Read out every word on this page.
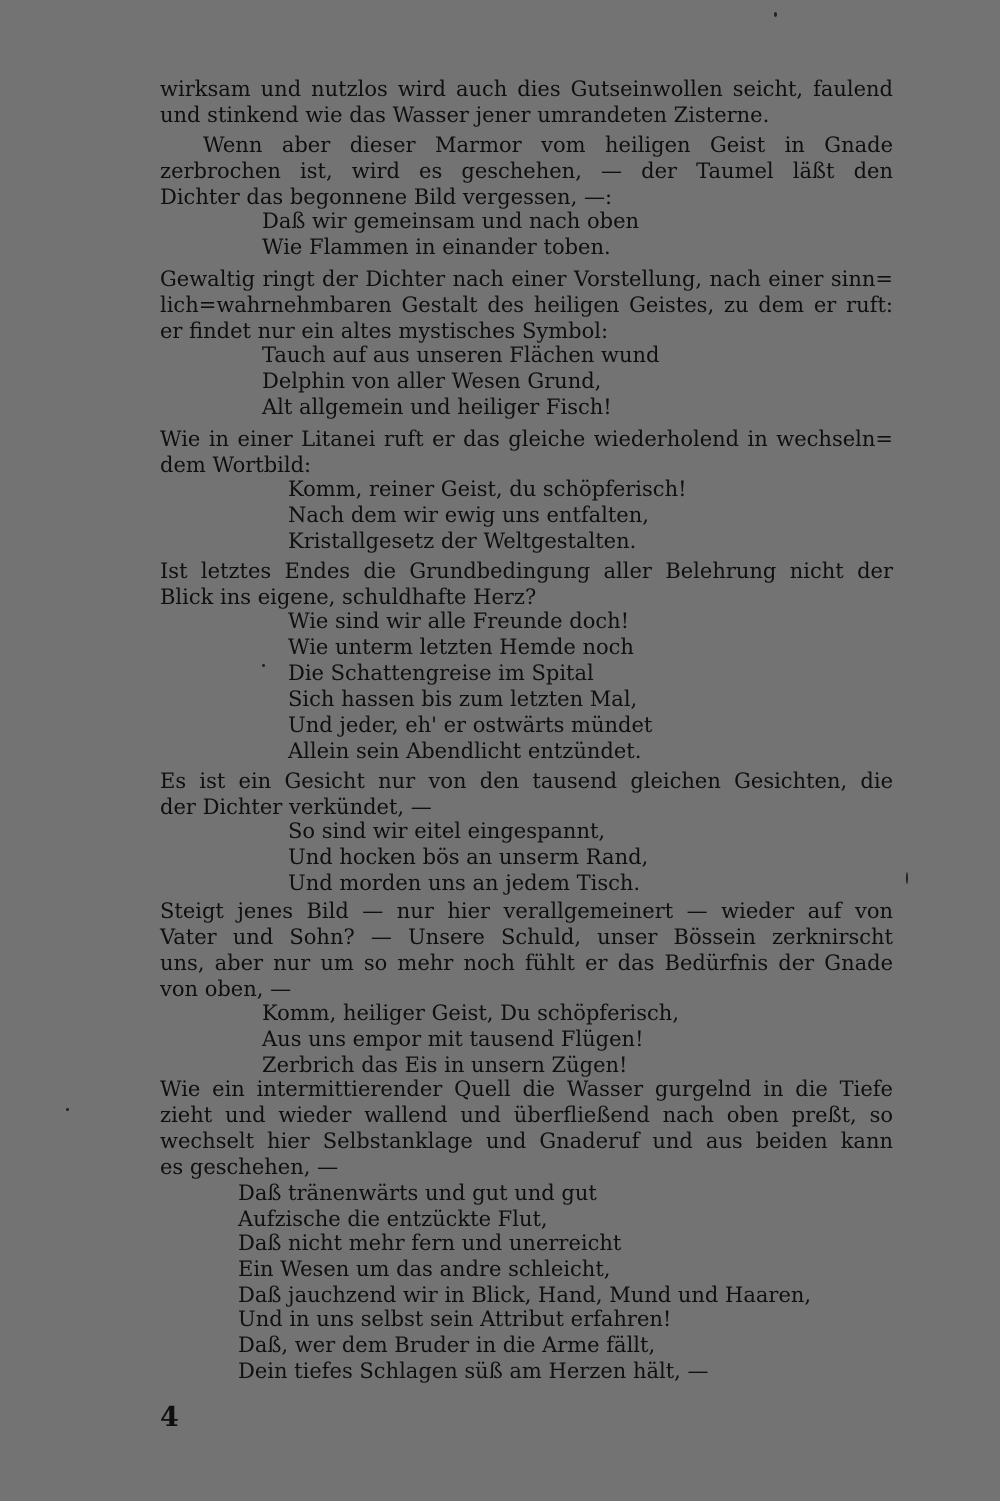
wirksam und nutzlos wird auch dies Gutseinwollen seicht, faulend
und stinkend wie das Wasser jener umrandeten Zisterne.
Wenn aber dieser Marmor vom heiligen Geist in Gnade
zerbrochen ist, wird es geschehen, — der Taumel läßt den
Dichter das begonnene Bild vergessen, —:
Daß wir gemeinsam und nach oben
Wie Flammen in einander toben.
Gewaltig ringt der Dichter nach einer Vorstellung, nach einer sinn=
lich=wahrnehmbaren Gestalt des heiligen Geistes, zu dem er ruft:
er findet nur ein altes mystisches Symbol:
Tauch auf aus unseren Flächen wund
Delphin von aller Wesen Grund,
Alt allgemein und heiliger Fisch!
Wie in einer Litanei ruft er das gleiche wiederholend in wechseln=
dem Wortbild:
Komm, reiner Geist, du schöpferisch!
Nach dem wir ewig uns entfalten,
Kristallgesetz der Weltgestalten.
Ist letztes Endes die Grundbedingung aller Belehrung nicht der
Blick ins eigene, schuldhafte Herz?
Wie sind wir alle Freunde doch!
Wie unterm letzten Hemde noch
Die Schattengreise im Spital
Sich hassen bis zum letzten Mal,
Und jeder, eh' er ostwärts mündet
Allein sein Abendlicht entzündet.
Es ist ein Gesicht nur von den tausend gleichen Gesichten, die
der Dichter verkündet, —
So sind wir eitel eingespannt,
Und hocken bös an unserm Rand,
Und morden uns an jedem Tisch.
Steigt jenes Bild — nur hier verallgemeinert — wieder auf von
Vater und Sohn? — Unsere Schuld, unser Bössein zerknirscht
uns, aber nur um so mehr noch fühlt er das Bedürfnis der Gnade
von oben, —
Komm, heiliger Geist, Du schöpferisch,
Aus uns empor mit tausend Flügen!
Zerbrich das Eis in unsern Zügen!
Wie ein intermittierender Quell die Wasser gurgelnd in die Tiefe
zieht und wieder wallend und überfließend nach oben preßt, so
wechselt hier Selbstanklage und Gnaderuf und aus beiden kann
es geschehen, —
Daß tränenwärts und gut und gut
Aufzische die entzückte Flut,
Daß nicht mehr fern und unerreicht
Ein Wesen um das andre schleicht,
Daß jauchzend wir in Blick, Hand, Mund und Haaren,
Und in uns selbst sein Attribut erfahren!
Daß, wer dem Bruder in die Arme fällt,
Dein tiefes Schlagen süß am Herzen hält, —
4
